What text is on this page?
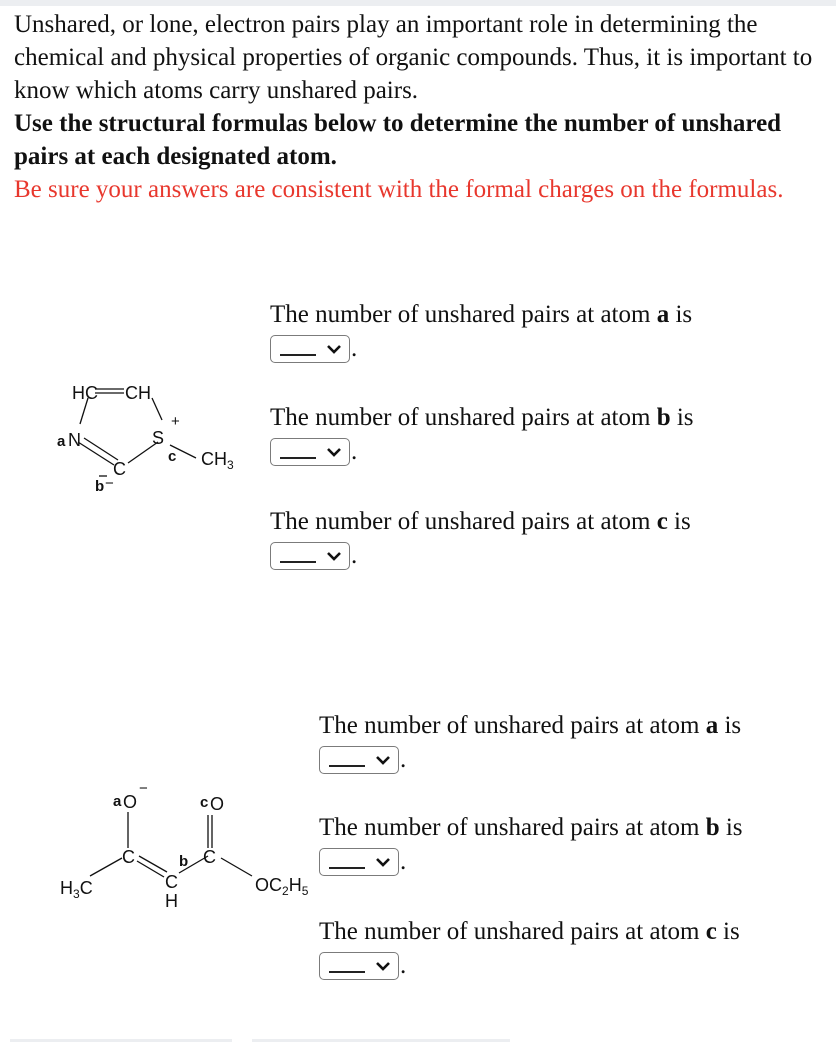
Unshared, or lone, electron pairs play an important role in determining the chemical and physical properties of organic compounds. Thus, it is important to know which atoms carry unshared pairs.

Use the structural formulas below to determine the number of unshared pairs at each designated atom.

Be sure your answers are consistent with the formal charges on the formulas.

HC CH
a N	S
+
c $CH_3$
C
b −
$H_3C$
a O
−
c O
C	b
C
H
C
$OC_2H_5$
The number of unshared pairs at atom a is
.
The number of unshared pairs at atom b is
.
The number of unshared pairs at atom c is
.
The number of unshared pairs at atom a is
.
The number of unshared pairs at atom b is
.
The number of unshared pairs at atom c is
.
